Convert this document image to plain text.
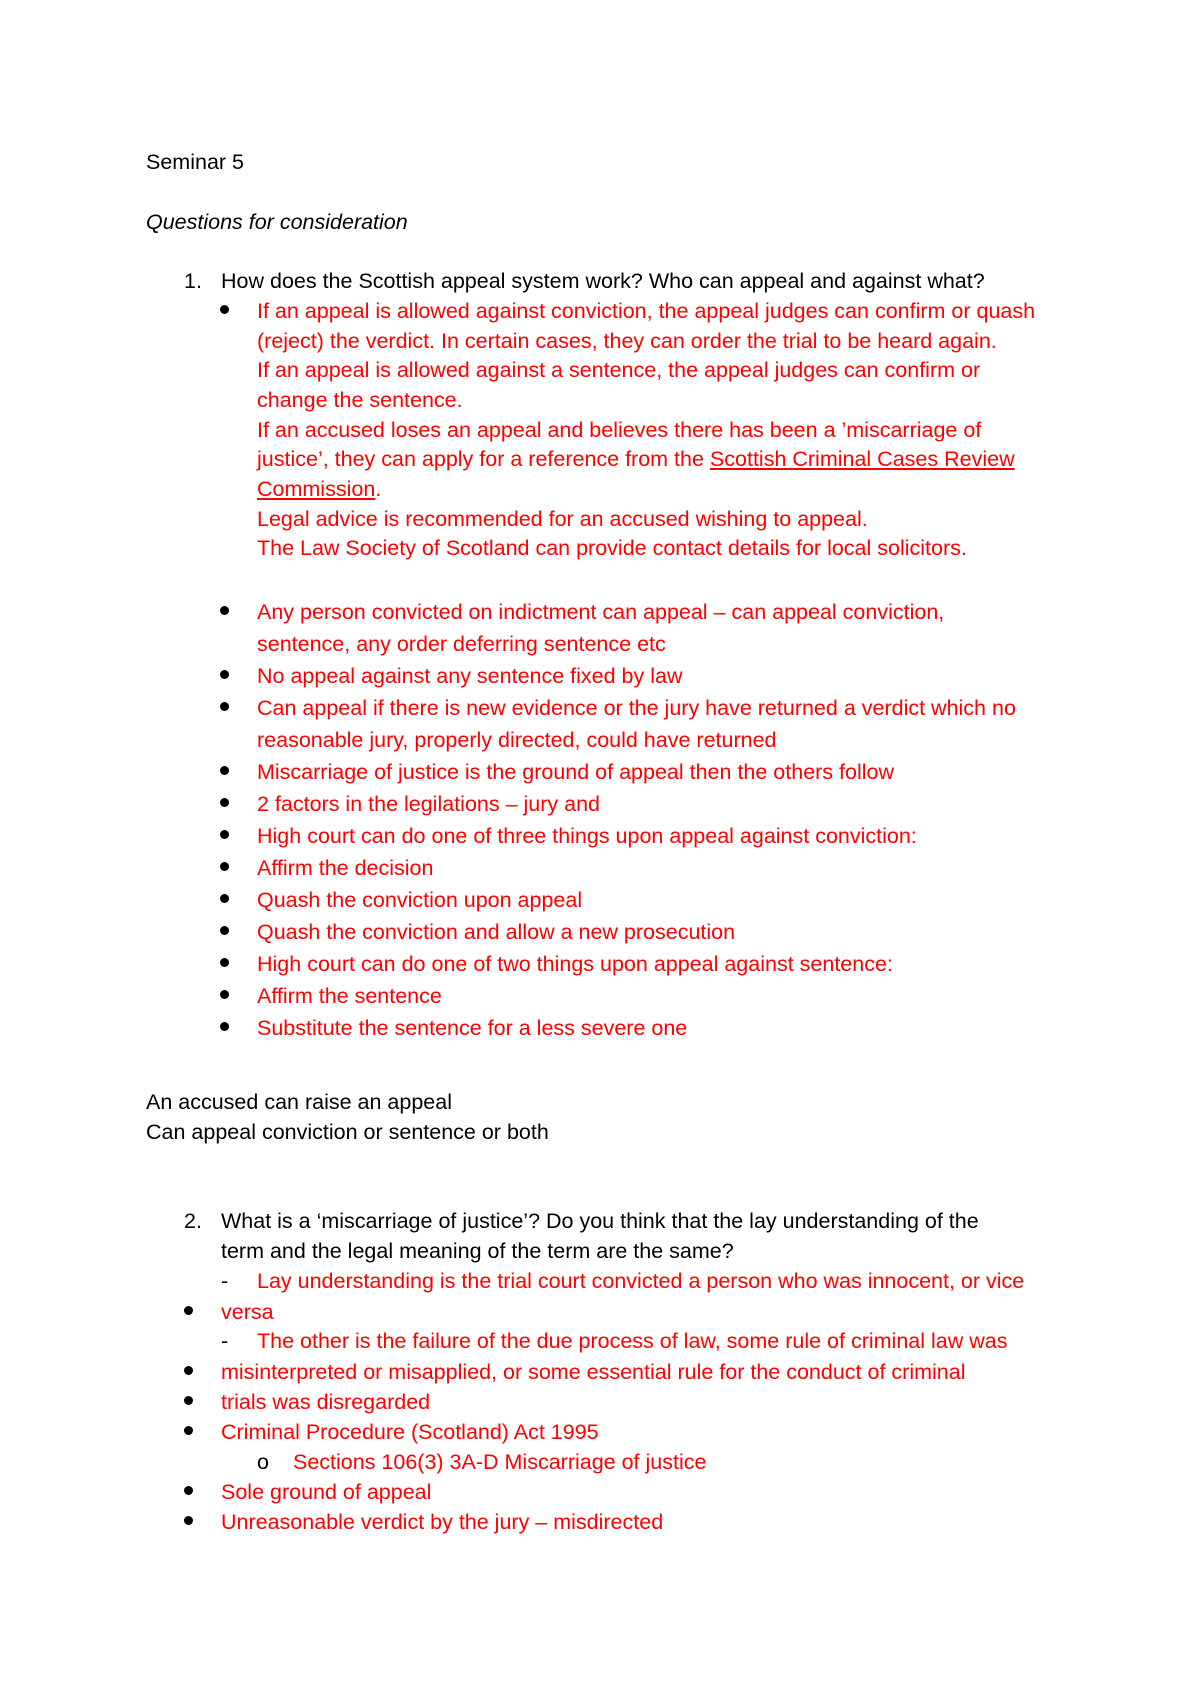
Seminar 5
Questions for consideration
1. How does the Scottish appeal system work? Who can appeal and against what?
If an appeal is allowed against conviction, the appeal judges can confirm or quash
(reject) the verdict. In certain cases, they can order the trial to be heard again.
If an appeal is allowed against a sentence, the appeal judges can confirm or
change the sentence.
If an accused loses an appeal and believes there has been a ’miscarriage of
justice’, they can apply for a reference from the Scottish Criminal Cases Review
Commission.
Legal advice is recommended for an accused wishing to appeal.
The Law Society of Scotland can provide contact details for local solicitors.
Any person convicted on indictment can appeal – can appeal conviction,
sentence, any order deferring sentence etc
No appeal against any sentence fixed by law
Can appeal if there is new evidence or the jury have returned a verdict which no
reasonable jury, properly directed, could have returned
Miscarriage of justice is the ground of appeal then the others follow
2 factors in the legilations – jury and
High court can do one of three things upon appeal against conviction:
Affirm the decision
Quash the conviction upon appeal
Quash the conviction and allow a new prosecution
High court can do one of two things upon appeal against sentence:
Affirm the sentence
Substitute the sentence for a less severe one
An accused can raise an appeal
Can appeal conviction or sentence or both
2. What is a ‘miscarriage of justice’? Do you think that the lay understanding of the
term and the legal meaning of the term are the same?
- Lay understanding is the trial court convicted a person who was innocent, or vice
versa
- The other is the failure of the due process of law, some rule of criminal law was
misinterpreted or misapplied, or some essential rule for the conduct of criminal
trials was disregarded
Criminal Procedure (Scotland) Act 1995
o Sections 106(3) 3A-D Miscarriage of justice
Sole ground of appeal
Unreasonable verdict by the jury – misdirected
